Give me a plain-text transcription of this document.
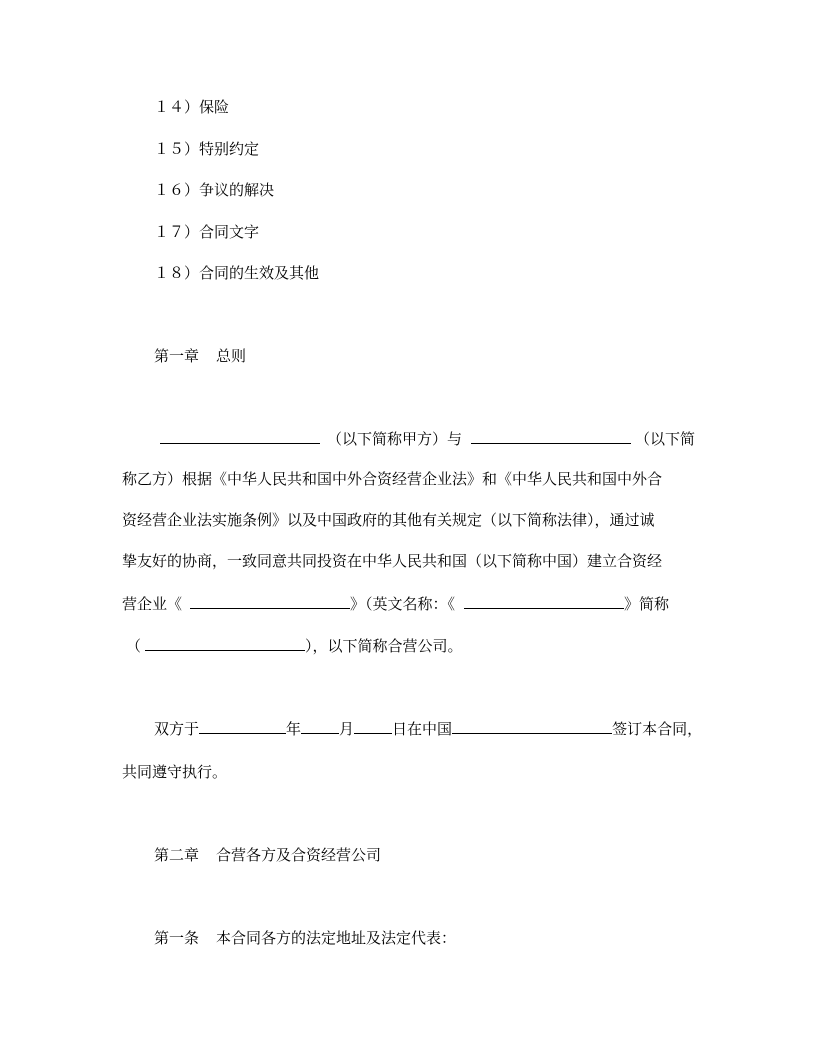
１４）保险
１５）特别约定
１６）争议的解决
１７）合同文字
１８）合同的生效及其他
第一章 总则
（以下简称甲方）与	（以下简
称乙方）根据《中华人民共和国中外合资经营企业法》和《中华人民共和国中外合
资经营企业法实施条例》以及中国政府的其他有关规定（以下简称法律），通过诚
挚友好的协商，一致同意共同投资在中华人民共和国（以下简称中国）建立合资经
营企业《	》（英文名称：《	》简称
（	），以下简称合营公司。
双方于	年	月	日在中国	签订本合同，
共同遵守执行。
第二章 合营各方及合资经营公司
第一条 本合同各方的法定地址及法定代表：
